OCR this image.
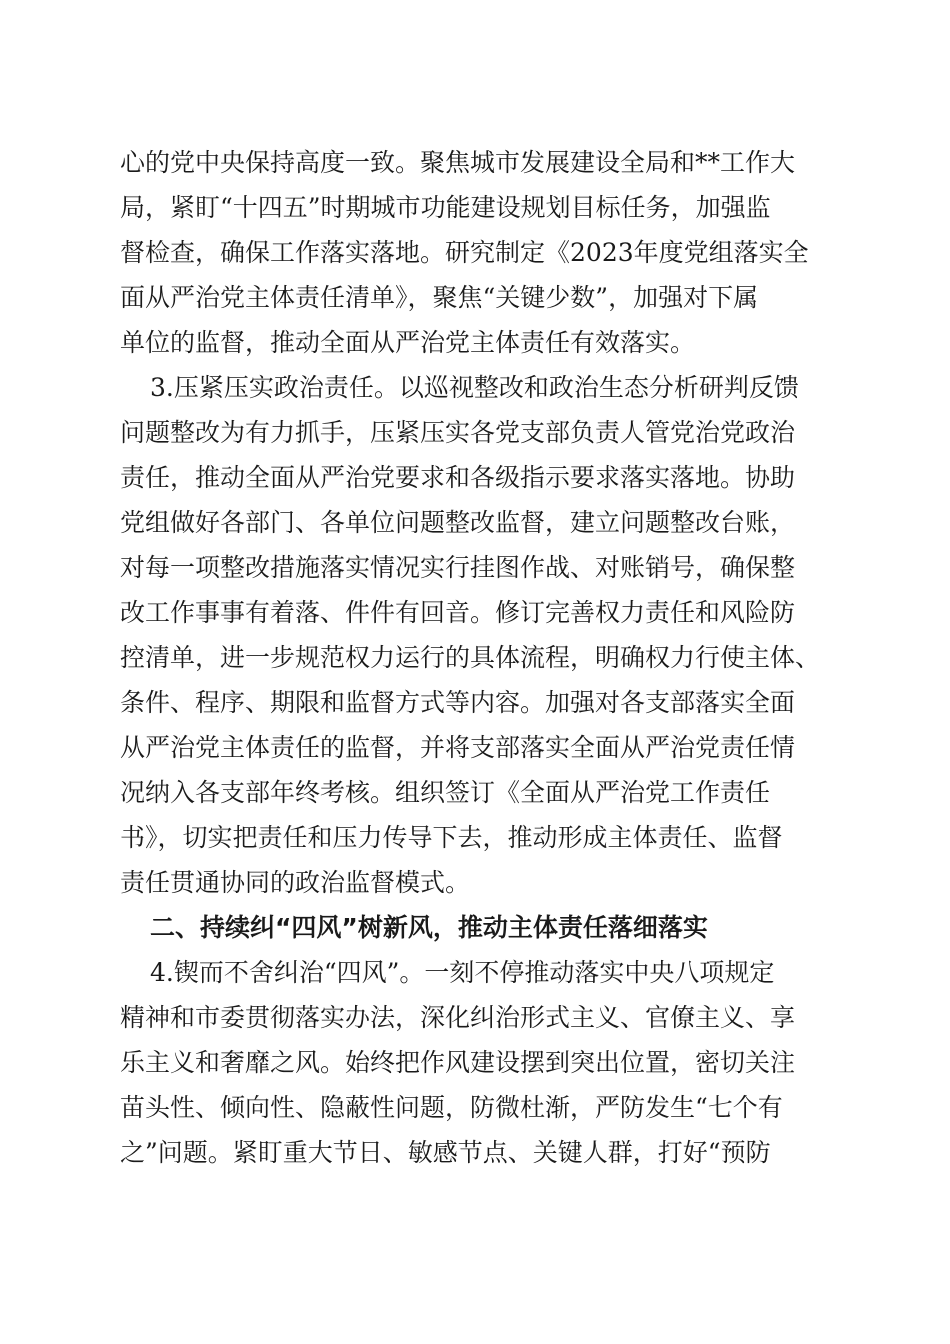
心的党中央保持高度一致。聚焦城市发展建设全局和**工作大
局，紧盯“十四五”时期城市功能建设规划目标任务，加强监
督检查，确保工作落实落地。研究制定《2023年度党组落实全
面从严治党主体责任清单》，聚焦“关键少数”，加强对下属
单位的监督，推动全面从严治党主体责任有效落实。
3.压紧压实政治责任。以巡视整改和政治生态分析研判反馈
问题整改为有力抓手，压紧压实各党支部负责人管党治党政治
责任，推动全面从严治党要求和各级指示要求落实落地。协助
党组做好各部门、各单位问题整改监督，建立问题整改台账，
对每一项整改措施落实情况实行挂图作战、对账销号，确保整
改工作事事有着落、件件有回音。修订完善权力责任和风险防
控清单，进一步规范权力运行的具体流程，明确权力行使主体、
条件、程序、期限和监督方式等内容。加强对各支部落实全面
从严治党主体责任的监督，并将支部落实全面从严治党责任情
况纳入各支部年终考核。组织签订《全面从严治党工作责任
书》，切实把责任和压力传导下去，推动形成主体责任、监督
责任贯通协同的政治监督模式。
二、持续纠“四风”树新风，推动主体责任落细落实
4.锲而不舍纠治“四风”。一刻不停推动落实中央八项规定
精神和市委贯彻落实办法，深化纠治形式主义、官僚主义、享
乐主义和奢靡之风。始终把作风建设摆到突出位置，密切关注
苗头性、倾向性、隐蔽性问题，防微杜渐，严防发生“七个有
之”问题。紧盯重大节日、敏感节点、关键人群，打好“预防
